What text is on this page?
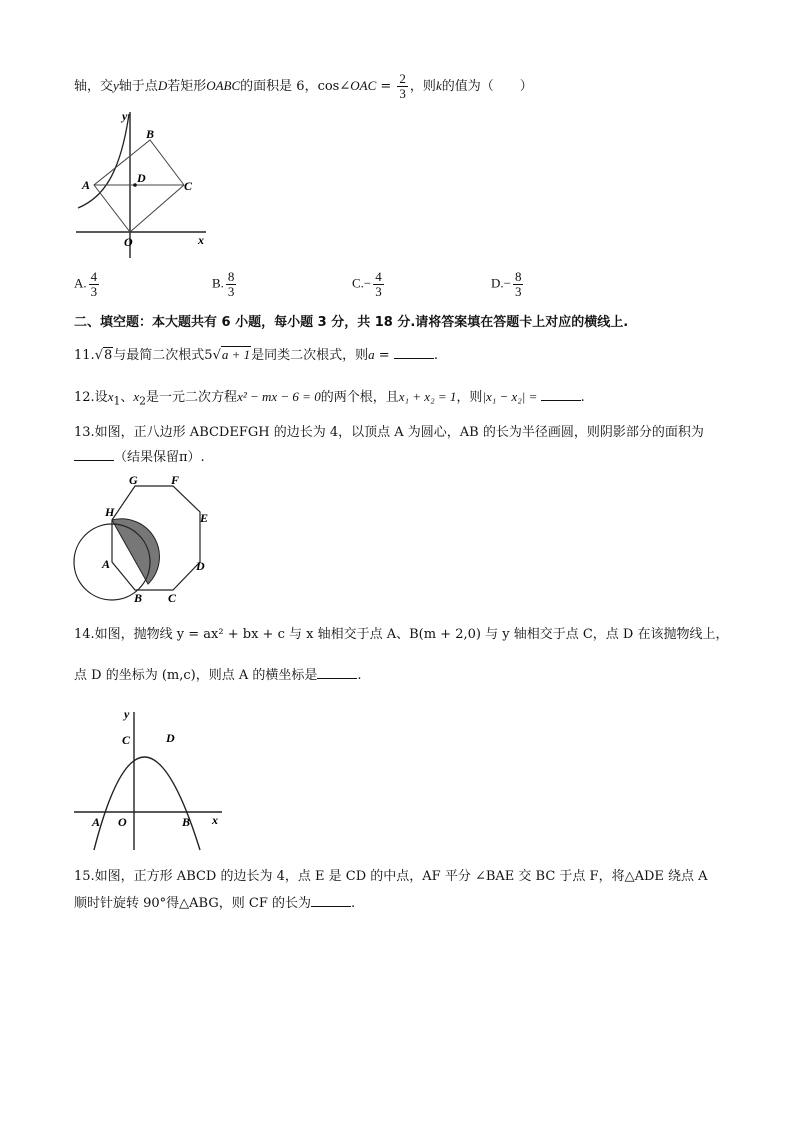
轴，交y轴于点D若矩形OABC的面积是 6，cos∠OAC = $\frac{2}{3}$ ，则k的值为（　　）
y
x
B
A	D
C
O
A. $\frac{4}{3}$	B. $\frac{8}{3}$	$C.- \frac{4}{3}$	$D.- \frac{8}{3}$
二、填空题：本大题共有 6 小题，每小题 3 分，共 18 分.请将答案填在答题卡上对应的横线上.
11.√8与最简二次根式5√a + 1是同类二次根式，则a =	.
12.设$x_1$、$x_2$是一元二次方程x² − mx − 6 = 0的两个根，且x₁ + x₂ = 1，则|x₁ − x₂| =	.
13.如图，正八边形 ABCDEFGH 的边长为 4，以顶点 A 为圆心，AB 的长为半径画圆，则阴影部分的面积为
（结果保留π）.
G	F
H	E
A	D
B C
14.如图，抛物线 y = ax² + bx + c 与 x 轴相交于点 A、B(m + 2,0) 与 y 轴相交于点 C，点 D 在该抛物线上，
点 D 的坐标为 (m,c)，则点 A 的横坐标是	.
y
C	D
A O	B x
15.如图，正方形 ABCD 的边长为 4，点 E 是 CD 的中点，AF 平分 ∠BAE 交 BC 于点 F，将△ADE 绕点 A
顺时针旋转 90°得△ABG，则 CF 的长为	.
